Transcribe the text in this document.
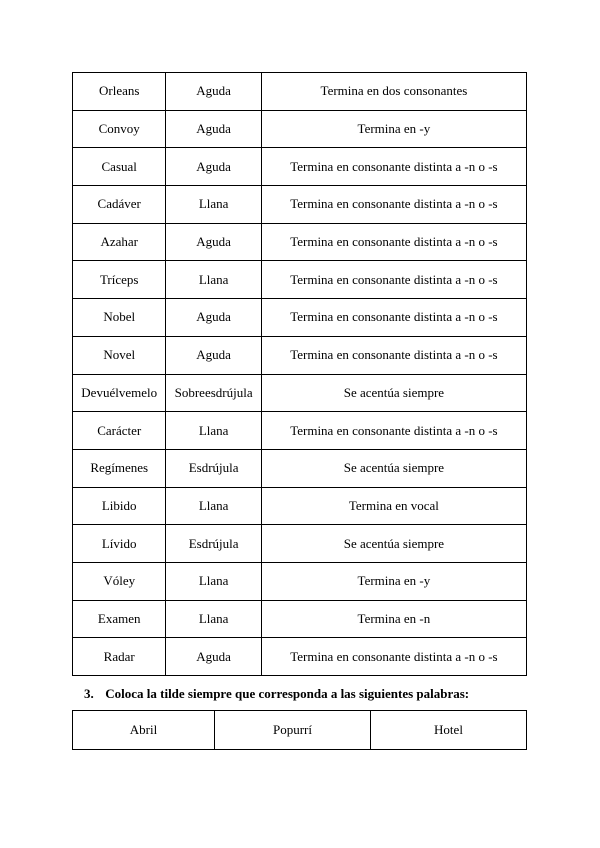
Orleans	Aguda	Termina en dos consonantes
Convoy	Aguda	Termina en -y
Casual	Aguda	Termina en consonante distinta a -n o -s
Cadáver	Llana	Termina en consonante distinta a -n o -s
Azahar	Aguda	Termina en consonante distinta a -n o -s
Tríceps	Llana	Termina en consonante distinta a -n o -s
Nobel	Aguda	Termina en consonante distinta a -n o -s
Novel	Aguda	Termina en consonante distinta a -n o -s
Devuélvemelo	Sobreesdrújula	Se acentúa siempre
Carácter	Llana	Termina en consonante distinta a -n o -s
Regímenes	Esdrújula	Se acentúa siempre
Libido	Llana	Termina en vocal
Lívido	Esdrújula	Se acentúa siempre
Vóley	Llana	Termina en -y
Examen	Llana	Termina en -n
Radar	Aguda	Termina en consonante distinta a -n o -s
3. Coloca la tilde siempre que corresponda a las siguientes palabras:
Abril	Popurrí	Hotel
